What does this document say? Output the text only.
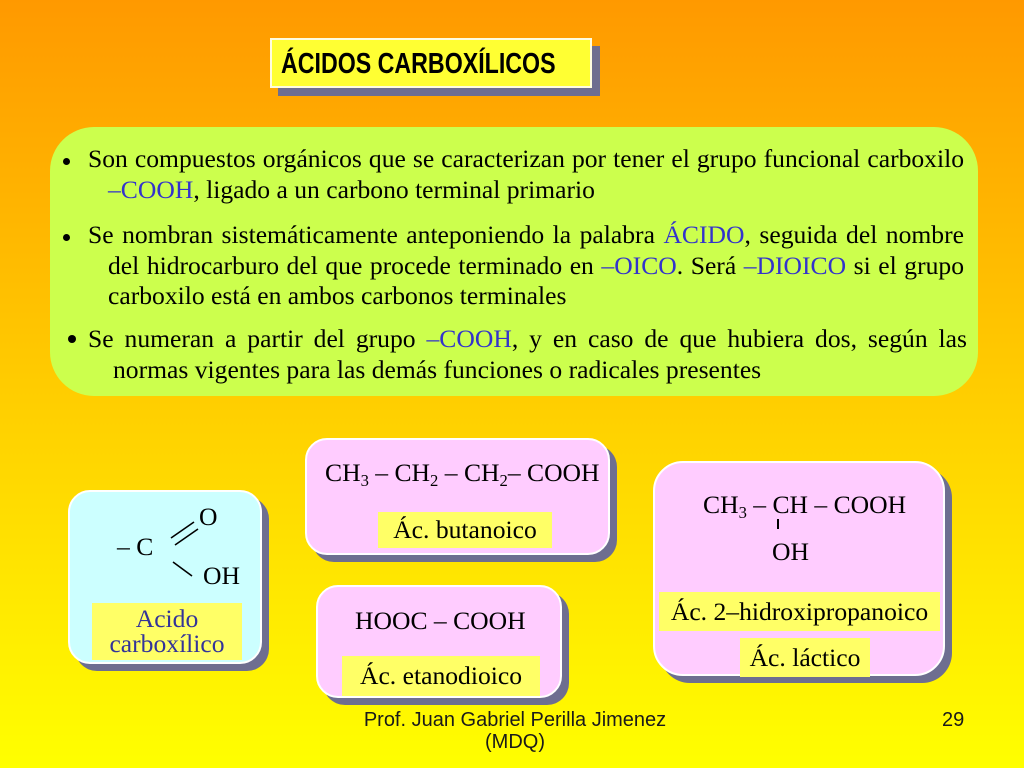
ÁCIDOS CARBOXÍLICOS

Son compuestos orgánicos que se caracterizan por tener el grupo funcional carboxilo –COOH, ligado a un carbono terminal primario

Se nombran sistemáticamente anteponiendo la palabra ÁCIDO, seguida del nombre del hidrocarburo del que procede terminado en –OICO. Será –DIOICO si el grupo carboxilo está en ambos carbonos terminales

Se numeran a partir del grupo –COOH, y en caso de que hubiera dos, según las normas vigentes para las demás funciones o radicales presentes

– C
O
OH
Acido carboxílico
$CH_3 - CH_2 - CH_2-$ COOH
Ác. butanoico
HOOC – COOH
Ác. etanodioico
$CH_3$ – CH – COOH
OH
Ác. 2–hidroxipropanoico
Ác. láctico
Prof. Juan Gabriel Perilla Jimenez (MDQ)
29
